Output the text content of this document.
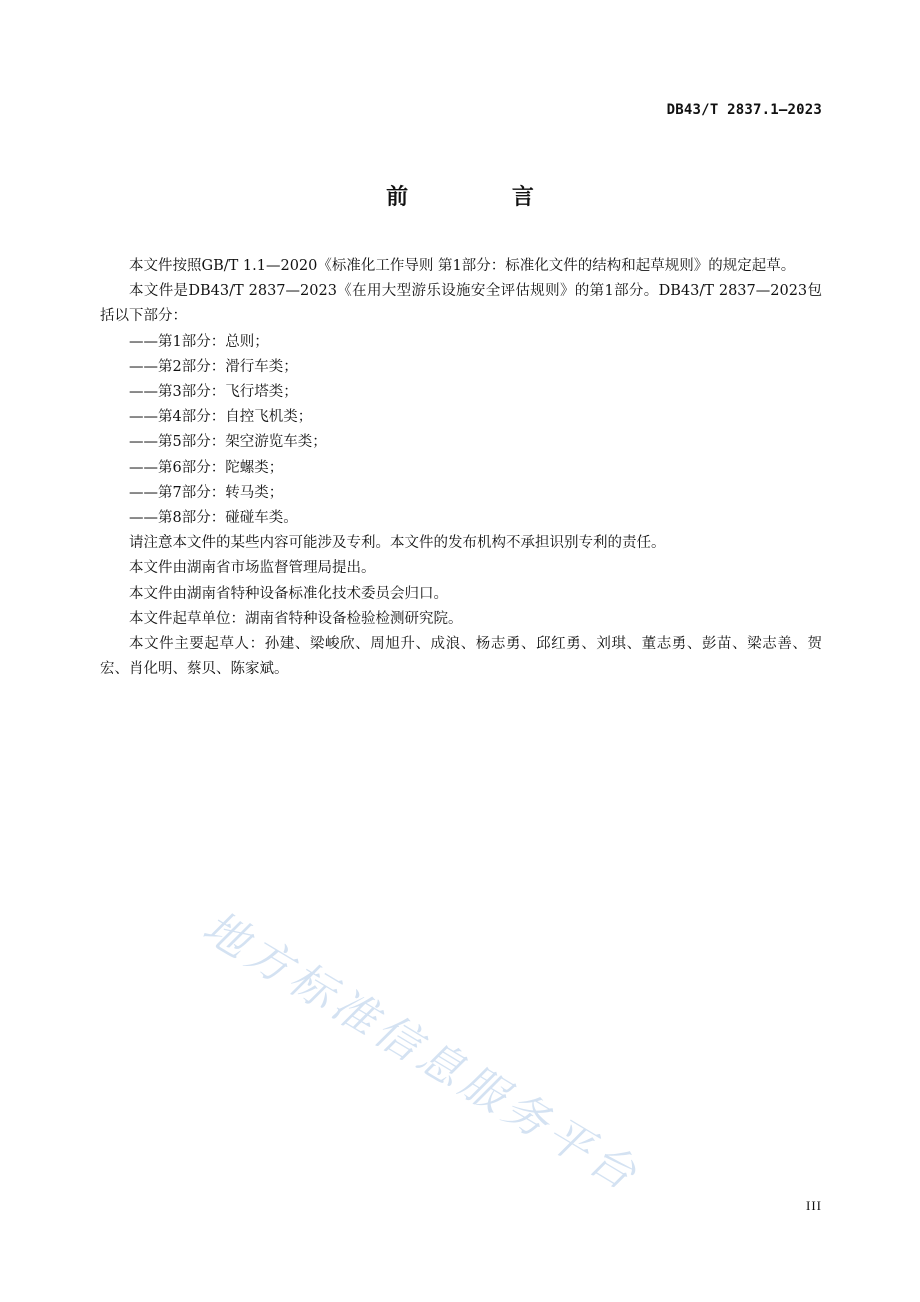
DB43/T 2837.1—2023
前 言

本文件按照GB/T 1.1—2020《标准化工作导则 第1部分：标准化文件的结构和起草规则》的规定起草。

本文件是DB43/T 2837—2023《在用大型游乐设施安全评估规则》的第1部分。DB43/T 2837—2023包括以下部分：

——第1部分：总则；
——第2部分：滑行车类；
——第3部分：飞行塔类；
——第4部分：自控飞机类；
——第5部分：架空游览车类；
——第6部分：陀螺类；
——第7部分：转马类；
——第8部分：碰碰车类。

请注意本文件的某些内容可能涉及专利。本文件的发布机构不承担识别专利的责任。

本文件由湖南省市场监督管理局提出。

本文件由湖南省特种设备标准化技术委员会归口。

本文件起草单位：湖南省特种设备检验检测研究院。

本文件主要起草人：孙建、梁峻欣、周旭升、成浪、杨志勇、邱红勇、刘琪、董志勇、彭苗、梁志善、贺宏、肖化明、蔡贝、陈家斌。

地方标准信息服务平台
III
